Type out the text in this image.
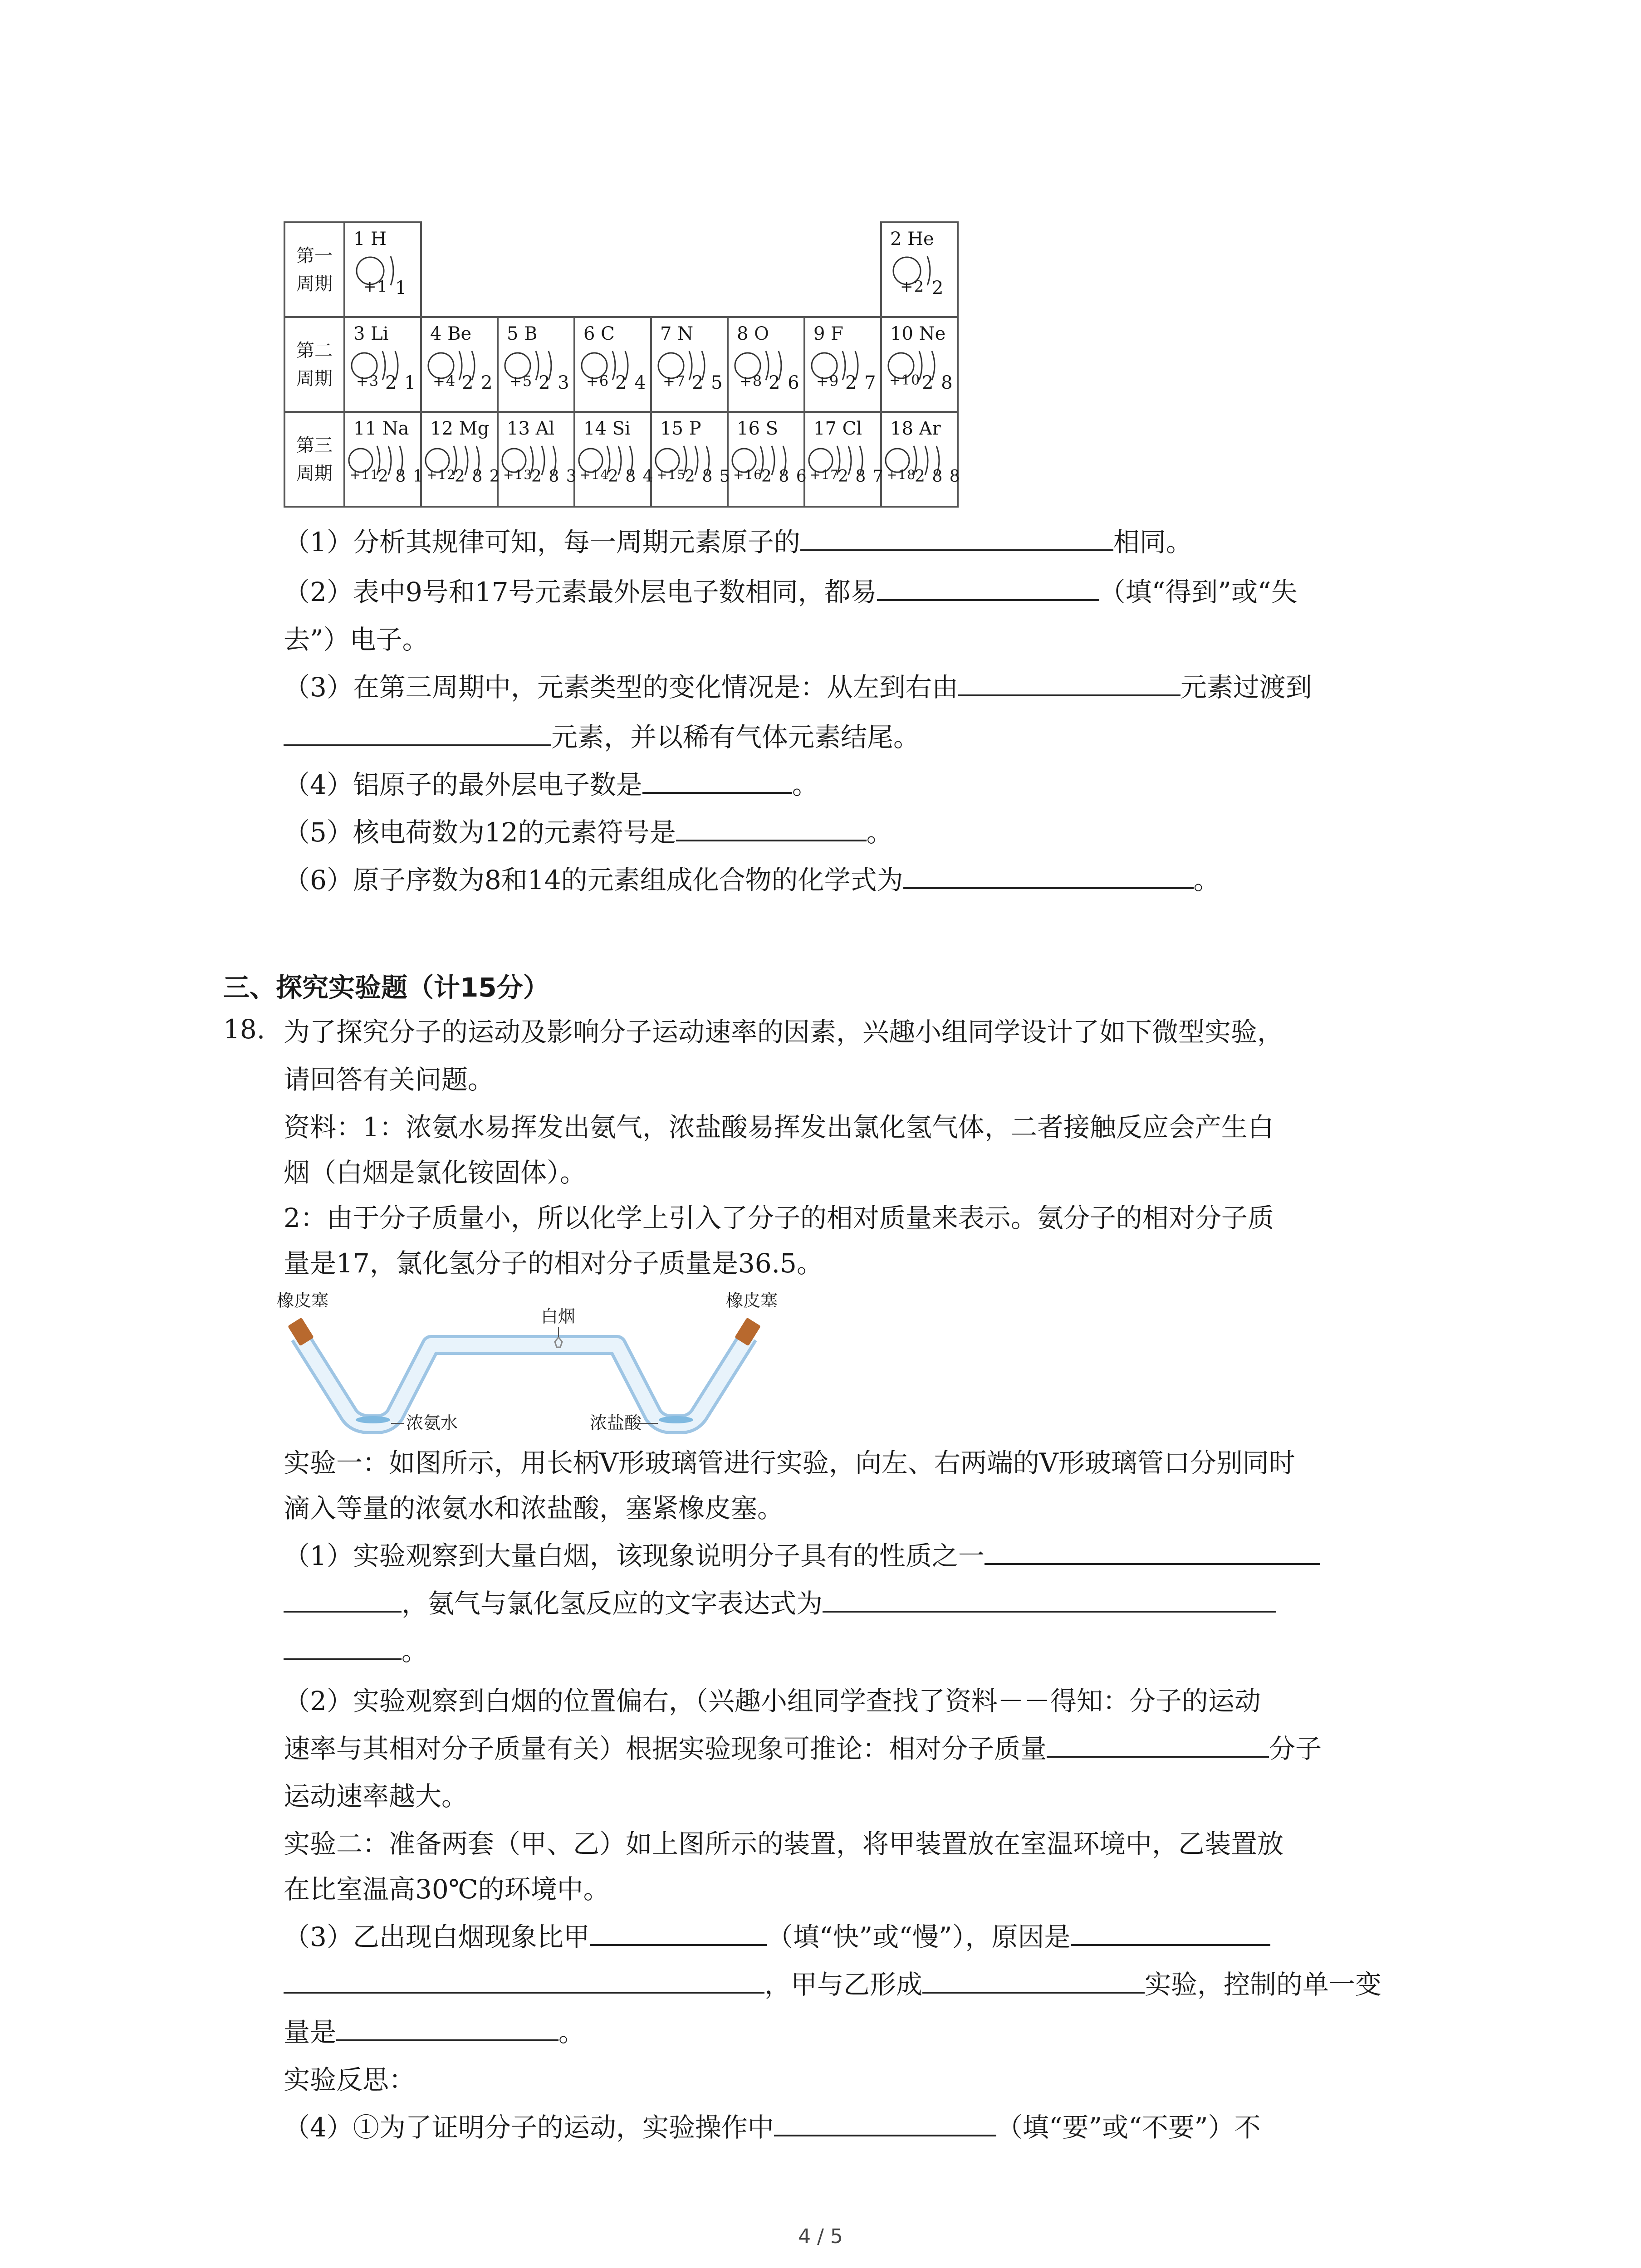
第一
周期	1 H
+1 1							2 He
+2 2

第二
周期	3 Li
+3 2 1	4 Be
+4 2 2	5 B
+5 2 3	6 C
+6 2 4	7 N
+7 2 5	8 O
+8 2 6	9 F
+9 2 7	10 Ne
+10 2 8

第三
周期	11 Na
+11
2 8 1	12 Mg
+12
2 8 2	13 Al
+13
2 8 3	14 Si
+14
2 8 4	15 P
+15
2 8 5	16 S
+16
2 8 6	17 Cl
+17
2 8 7	18 Ar
+18
2 8 8
（1）分析其规律可知，每一周期元素原子的	相同。
（2）表中9号和17号元素最外层电子数相同，都易	（填“得到”或“失
去”）电子。
（3）在第三周期中，元素类型的变化情况是：从左到右由	元素过渡到
元素，并以稀有气体元素结尾。
（4）铝原子的最外层电子数是	。
（5）核电荷数为12的元素符号是	。
（6）原子序数为8和14的元素组成化合物的化学式为	。
三、探究实验题（计15分）
18. 为了探究分子的运动及影响分子运动速率的因素，兴趣小组同学设计了如下微型实验，
请回答有关问题。
资料：1：浓氨水易挥发出氨气，浓盐酸易挥发出氯化氢气体，二者接触反应会产生白
烟（白烟是氯化铵固体）。
2：由于分子质量小，所以化学上引入了分子的相对质量来表示。氨分子的相对分子质
量是17，氯化氢分子的相对分子质量是36.5。
橡皮塞	橡皮塞
白烟
浓氨水	浓盐酸
实验一：如图所示，用长柄V形玻璃管进行实验，向左、右两端的V形玻璃管口分别同时
滴入等量的浓氨水和浓盐酸，塞紧橡皮塞。
（1）实验观察到大量白烟，该现象说明分子具有的性质之一
，氨气与氯化氢反应的文字表达式为
。
（2）实验观察到白烟的位置偏右，（兴趣小组同学查找了资料－－得知：分子的运动
速率与其相对分子质量有关）根据实验现象可推论：相对分子质量	分子
运动速率越大。
实验二：准备两套（甲、乙）如上图所示的装置，将甲装置放在室温环境中，乙装置放
在比室温高30℃的环境中。
（3）乙出现白烟现象比甲	（填“快”或“慢”），原因是
，甲与乙形成	实验，控制的单一变
量是	。
实验反思：
（4）①为了证明分子的运动，实验操作中	（填“要”或“不要”）不
4 / 5
